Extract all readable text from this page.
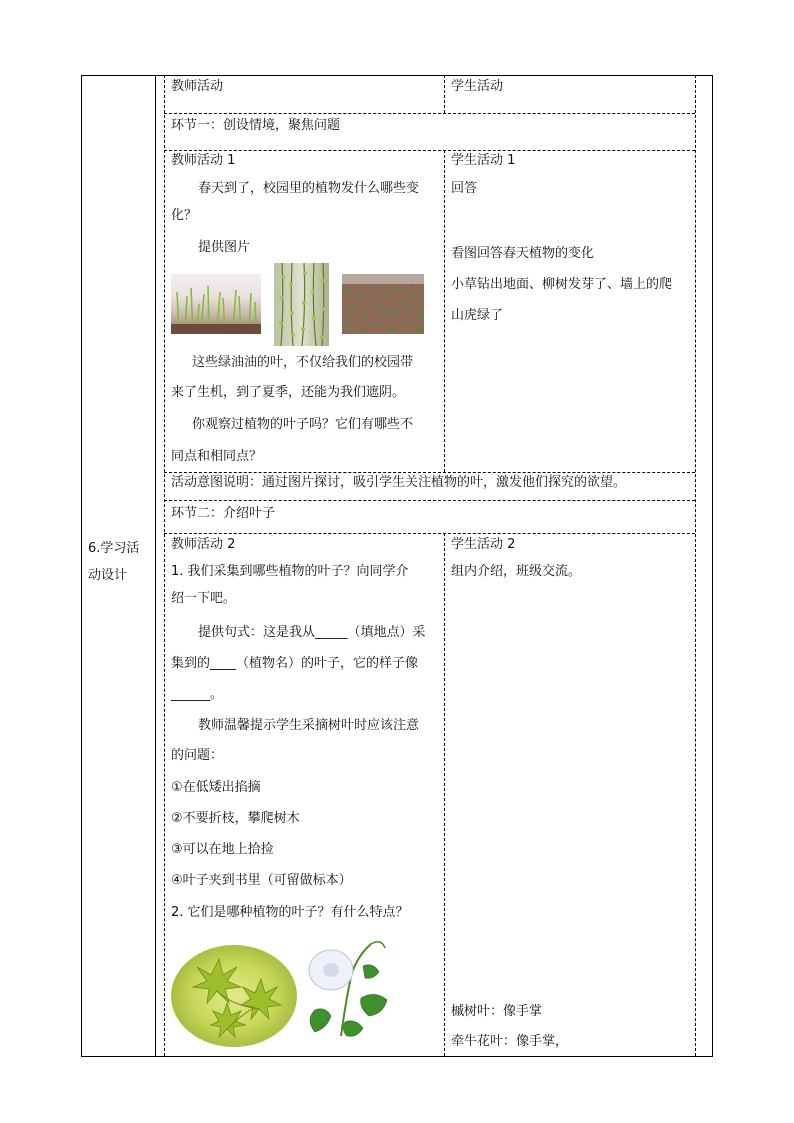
6.学习活
动设计
教师活动	学生活动
环节一：创设情境，聚焦问题
教师活动 1
春天到了，校园里的植物发什么哪些变
化？
提供图片
这些绿油油的叶，不仅给我们的校园带
来了生机，到了夏季，还能为我们遮阴。
你观察过植物的叶子吗？它们有哪些不
同点和相同点？
学生活动 1
回答
看图回答春天植物的变化
小草钻出地面、柳树发芽了、墙上的爬
山虎绿了
活动意图说明：通过图片探讨，吸引学生关注植物的叶，激发他们探究的欲望。
环节二：介绍叶子
教师活动 2
1. 我们采集到哪些植物的叶子？向同学介
绍一下吧。
提供句式：这是我从_____（填地点）采
集到的____（植物名）的叶子，它的样子像
______。
教师温馨提示学生采摘树叶时应该注意
的问题：
①在低矮出掐摘
②不要折枝，攀爬树木
③可以在地上拾捡
④叶子夹到书里（可留做标本）
2. 它们是哪种植物的叶子？有什么特点？
学生活动 2
组内介绍，班级交流。
槭树叶：像手掌
牵牛花叶：像手掌，
